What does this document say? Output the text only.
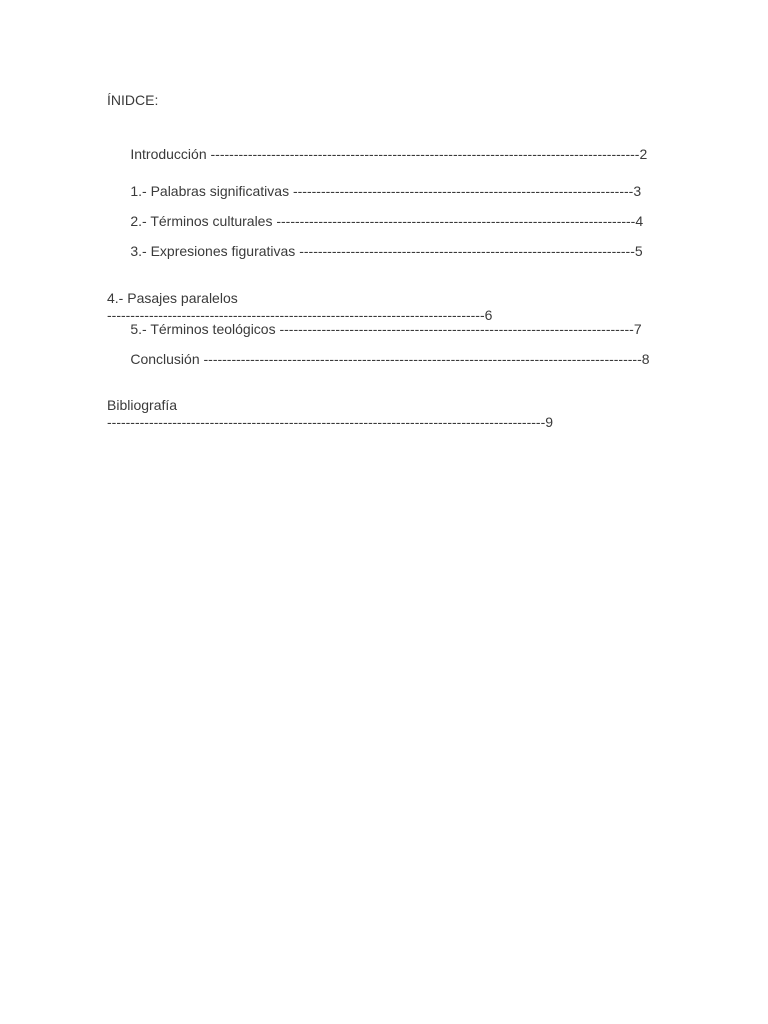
ÍNIDCE:

Introducción --------------------------------------------------------------------------------------------2

1.- Palabras significativas -------------------------------------------------------------------------3

2.- Términos culturales -----------------------------------------------------------------------------4

3.- Expresiones figurativas ------------------------------------------------------------------------5

4.- Pasajes paralelos
---------------------------------------------------------------------------------6

5.- Términos teológicos ----------------------------------------------------------------------------7

Conclusión ----------------------------------------------------------------------------------------------8

Bibliografía
----------------------------------------------------------------------------------------------9
